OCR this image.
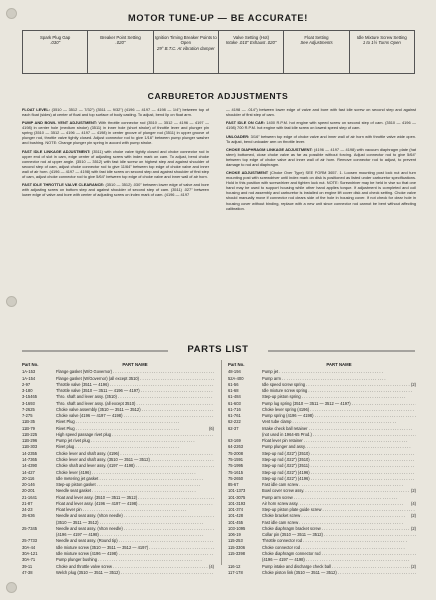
MOTOR TUNE-UP — BE ACCURATE!
Spark Plug Gap
.030"
Breaker Point Setting
.020"
Ignition Timing Breaker Points to Open
29° B.T.C. At vibration damper
Valve Setting (Hot)
Intake .010" Exhaust .020"
Float Setting
See Adjustments
Idle Mixture Screw Setting
1 to 1½ Turns Open
CARBURETOR ADJUSTMENTS

FLOAT LEVEL: (3510 — 3512 — 7/32") (3511 — 9/32") (4196 — 4197 — 4198 — 1/4") between top of each float (sides) at center of float and top surface of body casting. To adjust, bend lip on float arm.

PUMP AND BOWL VENT ADJUSTMENT: With throttle connector rod (3510 — 3512 — 4196 — 4197 — 4198) in center hole (medium stroke) (3511) in inner hole (short stroke) of throttle lever and plunger pin spring (3510 — 3512 — 4196 — 4197 — 4198) in center groove of plunger rod (3511) in upper groove of plunger rod, throttle valve tightly closed. Adjust connector rod to give 1/16" between pump plunger washer and bushing. NOTE: Change plunger pin spring in accord with pump stroke.

FAST IDLE LINKAGE ADJUSTMENT: (3511) with choke valve tightly closed and choke connector rod in upper end of slot in cam, edge center of adjusting screw with index mark on cam. To adjust, bend choke connector rod at upper angle. (3510 — 3512) with fast idle screw on highest step and against shoulder of second step of cam, adjust choke connector rod to give 11/64" between top edge of choke valve and inner wall of air horn. (4196 — 4197 — 4198) with fast idle screw on second step and against shoulder of first step of cam, adjust choke connector rod to give 5/64" between top edge of choke valve and inner wall of air horn.

FAST IDLE THROTTLE VALVE CLEARANCE: (3510 — 3512) .030" between lower edge of valve and bore with adjusting screw on bottom step and against shoulder of second step of cam. (3511) .027" between lower edge of valve and bore with center of adjusting screw on index mark of cam. (4196 — 4197

— 4198 — .014") between lower edge of valve and bore with fast idle screw on second step and against shoulder of first step of cam.

FAST IDLE ON CAR: 1400 R.P.M. hot engine with speed screw on second step of cam. (3510 — 4196 — 4198) 700 R.P.M. hot engine with fast idle screw on lowest speed step of cam.

UNLOADER: 3/16" between top edge of choke valve and inner wall of air horn with throttle valve wide open. To adjust, bend unloader arm on throttle lever.

CHOKE DIAPHRAGM LINKAGE ADJUSTMENT: (4196 — 4197 — 4198) with vacuum diaphragm plate (hat stem) bottomed, close choke valve as far as possible without forcing. Adjust connector rod to give 5/64" between top edge of choke valve and inner wall of air horn. Remove connector rod to adjust, to prevent damage to rod and diaphragm.

CHOKE ADJUSTMENT (Choke Over Type) SEE FORM 3657. 1. Loosen mounting post lock nut and turn mounting post with screwdriver until index mark on disk is positioned as listed under carburetor specifications. Hold in this position with screwdriver and tighten lock nut. NOTE: Screwdriver may be held in vise so that one hand may be used to support housing while other hand applies torque. If adjustment is completed and coil housing and rod assembly and carburetor is installed on engine lift cover disk and check setting. Choke valve should manually move if connector rod clears side of the hole in housing cover. If not check for clear hole in housing cover without binding, replace with a new unit since connector rod cannot be bent without affecting calibration.

PARTS LIST
Part No.	PART NAME
1A-153	Flange gasket (W/O Governor) . . .
1A-154	Flange gasket (W/Governor) (all except 3510) . . .
2-97	Throttle valve (3511 — 4196) . . .
3-180	Throttle valve (3510 — 3511 — 4196 — 4197) . . .
3-15465	Thro. shaft and lever assy. (3510) . . .
3-1693	Thro. shaft and lever assy. (all except 3510) . . .
7-2625	Choke valve assembly (3510 — 3511 — 3512) . . .
7-275	Choke valve (4196 — 4197 — 4198) . . .
11B-35	Rivet Plug . . .
11B-79	Rivet Plug . . .	(6)
11B-225	High speed passage rivet plug . . .
11B-296	Pump jet rivet plug . . .
11B-303	Rivet plug . . .
14-2355	Choke lever and shaft assy. (4196) . . .
14-7365	Choke lever and shaft assy. (3510 — 3511 — 3512) . . .
14-4390	Choke shaft and lever assy. (4197 — 4198) . . .
14-427	Choke lever (4196) . . .
20-116	Idle metering jet gasket . . .
20-146	Step-up piston gasket . . .
20-201	Needle seat gasket . . .
21-1641	Float and lever assy. (3510 — 3511 — 3512) . . .
21-87	Float and lever assy. (4196 — 4197 — 4198) . . .
24-23	Float lever pin . . .
25-636	Needle and seat assy. (Viton needle) . . .
(3510 — 3511 — 3512) . . .
25-7345	Needle and seat assy. (Viton needle) . . .
(4196 — 4197 — 4198) . . .
25-7733	Needle and seat assy. (Round tip) . . .
30A-44	Idle mixture screw (3510 — 3511 — 3512 — 4197) . . .
30A-121	Idle mixture screw (4196 — 4198) . . .
30A-71	Pump plunger bushing . . .
39-11	Choke and throttle valve screw . . .	(4)
47-38	Welch plug (3510 — 3511 — 3512) . . .
Part No.	PART NAME
48-194	Pump jet . . .
52A-400	Pump arm . . .
61-56	Idle speed screw spring . . .	(2)
61-68	Idle mixture screw spring . . .
61-484	Step-up piston spring . . .
61-603	Pump lug spring (3510 — 3511 — 3512 — 4197) . . .
61-716	Choke lever spring (4196) . . .
61-761	Pump spring (4196 — 4198) . . .
62-222	Vent tube clamp . . .
62-37	Intake check ball retainer . . .
(not used in 1964-65 Prod.) . . .
63-169	Float lever pin retainer . . .
64-2263	Pump plunger and assy. . . .
75-2008	Step-up rod (.022") (3510) . . .
75-1591	Step-up rod (.022") (3510) . . .
75-1995	Step-up rod (.022") (3511) . . .
75-1615	Step-up rod (.022") (4196) . . .
75-2650	Step-up rod (.022") (4196) . . .
85-67	Fast idle cam screw . . .
101-1373	Bowl cover screw assy. . . .	(2)
101-3075	Pump arm screw . . .
101-3193	Air horn screw assy. . . .	(4)
101-374	Step-up piston plate guide screw . . .
101-428	Choke bracket screw . . .	(2)
101-455	Fast idle cam screw . . .
103-1095	Choke diaphragm bracket screw . . .	(2)
106-19	Collar pin (3510 — 3511 — 3512) . . .
115-253	Throttle connector rod . . .
115-3306	Choke connector rod . . .
115-3398	Choke diaphragm connector rod . . .
(4196 — 4197 — 4198) . . .
116-12	Pump intake and discharge check ball . . .	(2)
117-178	Choke piston link (3510 — 3511 — 3512) . . .
